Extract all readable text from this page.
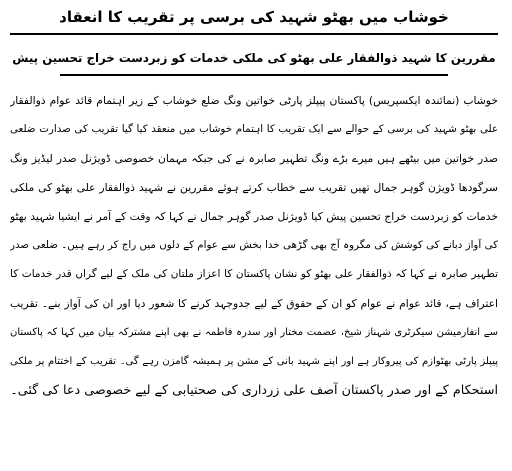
خوشاب میں بھٹو شہید کی برسی پر تقریب کا انعقاد
مقررین کا شہید ذوالفقار علی بھٹو کی ملکی خدمات کو زبردست خراج تحسین پیش
خوشاب (نمائندہ ایکسپریس) پاکستان پیپلز پارٹی خواتین ونگ ضلع خوشاب کے زیر اہتمام قائد عوام ذوالفقار
علی بھٹو شہید کی برسی کے حوالے سے ایک تقریب کا اہتمام خوشاب میں منعقد کیا گیا تقریب کی صدارت ضلعی
صدر خواتین میں بیٹھے ہیں میرے بڑے ونگ تطہیر صابرہ نے کی جبکہ مہمان خصوصی ڈویژنل صدر لیڈیز ونگ
سرگودھا ڈویژن گوہر جمال تھیں تقریب سے خطاب کرتے ہوئے مقررین نے شہید ذوالفقار علی بھٹو کی ملکی
خدمات کو زبردست خراج تحسین پیش کیا ڈویژنل صدر گوہر جمال نے کہا کہ وقت کے آمر نے ایشیا شہید بھٹو
کی آواز دبانے کی کوشش کی مگروہ آج بھی گڑھی خدا بخش سے عوام کے دلوں میں راج کر رہے ہیں۔ ضلعی صدر
تطہیر صابرہ نے کہا کہ ذوالفقار علی بھٹو کو نشان پاکستان کا اعزاز ملتان کی ملک کے لیے گراں قدر خدمات کا
اعتراف ہے، قائد عوام نے عوام کو ان کے حقوق کے لیے جدوجہد کرنے کا شعور دیا اور ان کی آواز بنے۔ تقریب
سے انفارمیشن سیکرٹری شہناز شیخ، عصمت مختار اور سدرہ فاطمہ نے بھی اپنے مشترکہ بیان میں کہا کہ پاکستان
پیپلز پارٹی بھٹوازم کی پیروکار ہے اور اپنے شہید بانی کے مشن پر ہمیشہ گامزن رہے گی۔ تقریب کے اختتام پر ملکی
استحکام کے اور صدر پاکستان آصف علی زرداری کی صحتیابی کے لیے خصوصی دعا کی گئی۔
